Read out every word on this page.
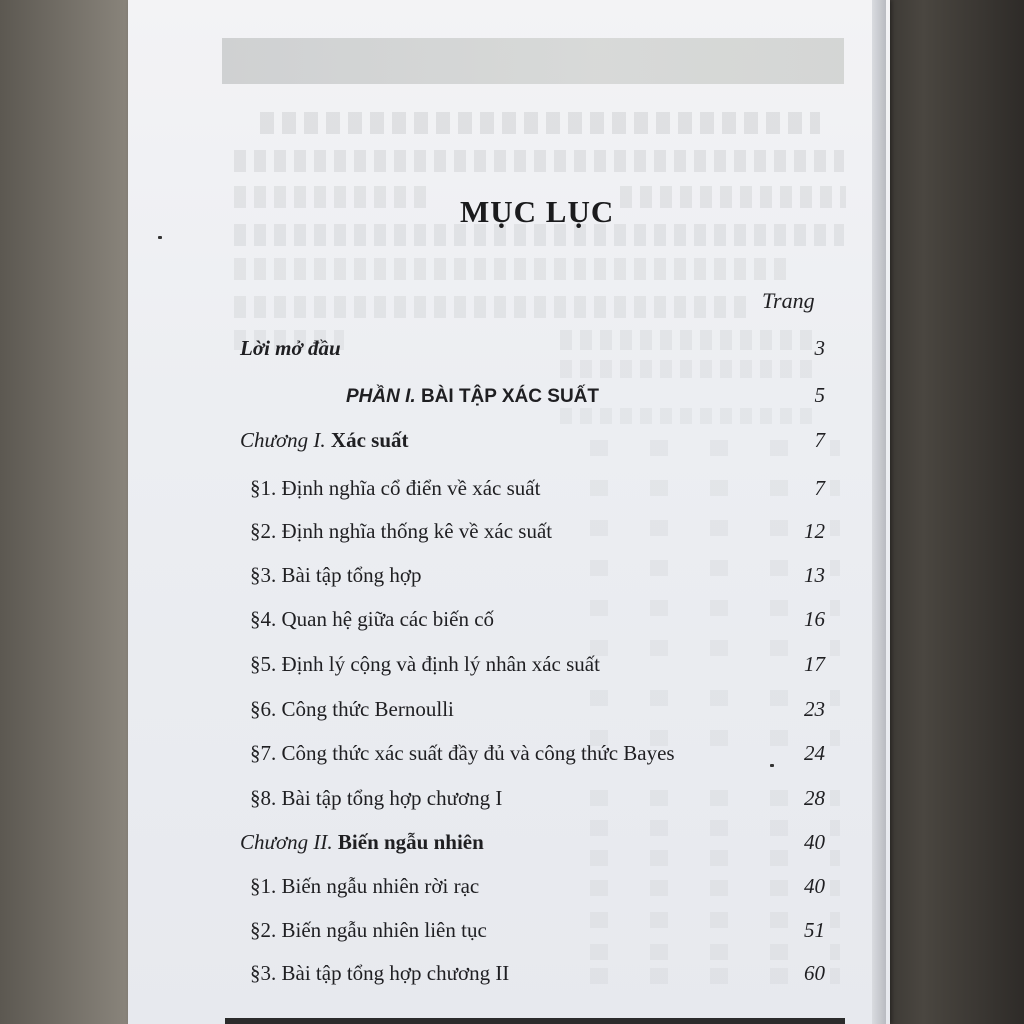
MỤC LỤC
Trang
Lời mở đầu	3
PHẦN I. BÀI TẬP XÁC SUẤT	5
Chương I. Xác suất	7
§1. Định nghĩa cổ điển về xác suất	7
§2. Định nghĩa thống kê về xác suất	12
§3. Bài tập tổng hợp	13
§4. Quan hệ giữa các biến cố	16
§5. Định lý cộng và định lý nhân xác suất	17
§6. Công thức Bernoulli	23
§7. Công thức xác suất đầy đủ và công thức Bayes	24
§8. Bài tập tổng hợp chương I	28
Chương II. Biến ngẫu nhiên	40
§1. Biến ngẫu nhiên rời rạc	40
§2. Biến ngẫu nhiên liên tục	51
§3. Bài tập tổng hợp chương II	60
